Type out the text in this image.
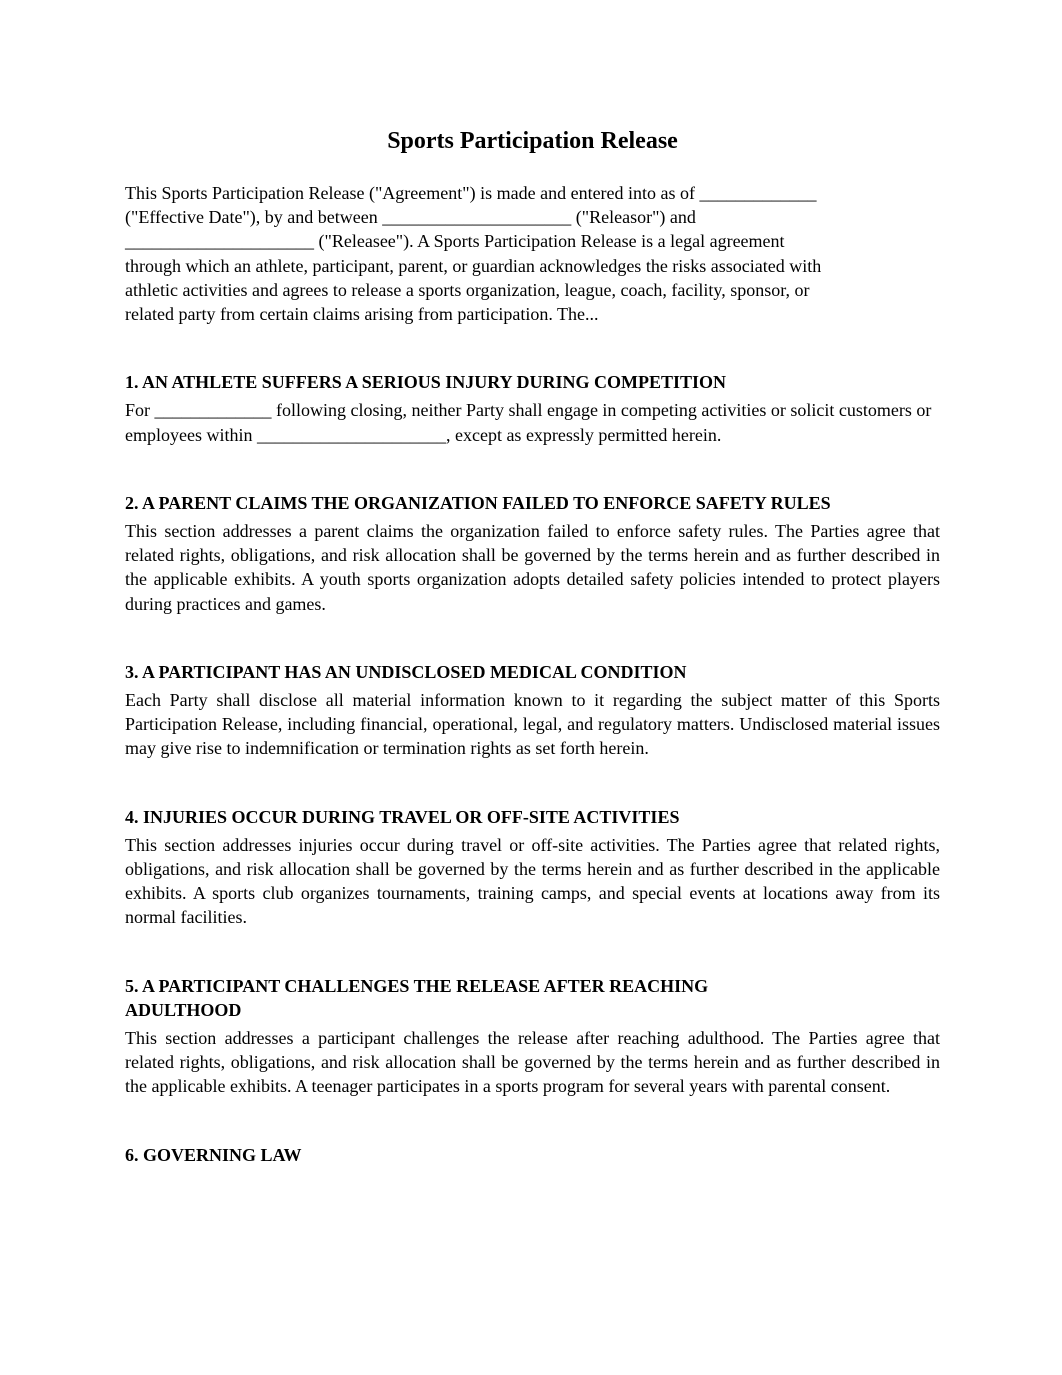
Sports Participation Release
This Sports Participation Release ("Agreement") is made and entered into as of _____________
("Effective Date"), by and between _____________________ ("Releasor") and
_____________________ ("Releasee"). A Sports Participation Release is a legal agreement
through which an athlete, participant, parent, or guardian acknowledges the risks associated with
athletic activities and agrees to release a sports organization, league, coach, facility, sponsor, or
related party from certain claims arising from participation. The...
1. AN ATHLETE SUFFERS A SERIOUS INJURY DURING COMPETITION

For _____________ following closing, neither Party shall engage in competing activities or solicit customers or employees within _____________________, except as expressly permitted herein.

2. A PARENT CLAIMS THE ORGANIZATION FAILED TO ENFORCE SAFETY RULES

This section addresses a parent claims the organization failed to enforce safety rules. The Parties agree that related rights, obligations, and risk allocation shall be governed by the terms herein and as further described in the applicable exhibits. A youth sports organization adopts detailed safety policies intended to protect players during practices and games.

3. A PARTICIPANT HAS AN UNDISCLOSED MEDICAL CONDITION

Each Party shall disclose all material information known to it regarding the subject matter of this Sports Participation Release, including financial, operational, legal, and regulatory matters. Undisclosed material issues may give rise to indemnification or termination rights as set forth herein.

4. INJURIES OCCUR DURING TRAVEL OR OFF-SITE ACTIVITIES

This section addresses injuries occur during travel or off-site activities. The Parties agree that related rights, obligations, and risk allocation shall be governed by the terms herein and as further described in the applicable exhibits. A sports club organizes tournaments, training camps, and special events at locations away from its normal facilities.

5. A PARTICIPANT CHALLENGES THE RELEASE AFTER REACHING ADULTHOOD

This section addresses a participant challenges the release after reaching adulthood. The Parties agree that related rights, obligations, and risk allocation shall be governed by the terms herein and as further described in the applicable exhibits. A teenager participates in a sports program for several years with parental consent.

6. GOVERNING LAW
